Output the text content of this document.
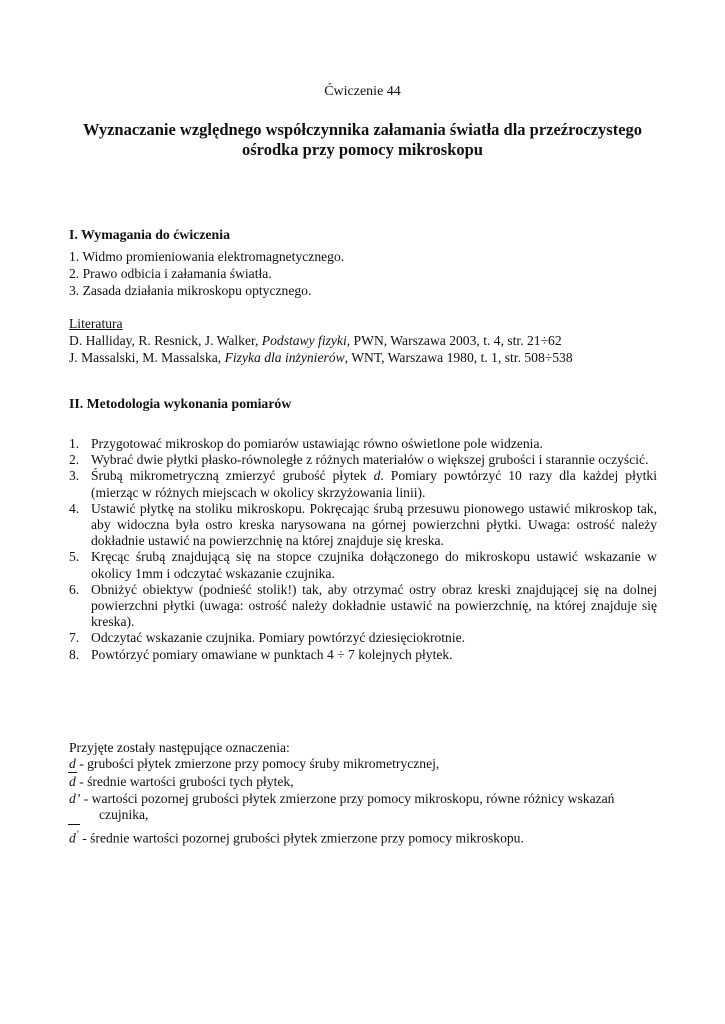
Ćwiczenie 44
Wyznaczanie względnego współczynnika załamania światła dla przeźroczystego
ośrodka przy pomocy mikroskopu
I. Wymagania do ćwiczenia
1. Widmo promieniowania elektromagnetycznego.
2. Prawo odbicia i załamania światła.
3. Zasada działania mikroskopu optycznego.
Literatura
D. Halliday, R. Resnick, J. Walker, Podstawy fizyki, PWN, Warszawa 2003, t. 4, str. 21÷62
J. Massalski, M. Massalska, Fizyka dla inżynierów, WNT, Warszawa 1980, t. 1, str. 508÷538
II. Metodologia wykonania pomiarów

1. Przygotować mikroskop do pomiarów ustawiając równo oświetlone pole widzenia.

2. Wybrać dwie płytki płasko-równoległe z różnych materiałów o większej grubości i starannie oczyścić.

3. Śrubą mikrometryczną zmierzyć grubość płytek d. Pomiary powtórzyć 10 razy dla każdej płytki (mierząc w różnych miejscach w okolicy skrzyżowania linii).

4. Ustawić płytkę na stoliku mikroskopu. Pokręcając śrubą przesuwu pionowego ustawić mikroskop tak, aby widoczna była ostro kreska narysowana na górnej powierzchni płytki. Uwaga: ostrość należy dokładnie ustawić na powierzchnię na której znajduje się kreska.

5. Kręcąc śrubą znajdującą się na stopce czujnika dołączonego do mikroskopu ustawić wskazanie w okolicy 1mm i odczytać wskazanie czujnika.

6. Obniżyć obiektyw (podnieść stolik!) tak, aby otrzymać ostry obraz kreski znajdującej się na dolnej powierzchni płytki (uwaga: ostrość należy dokładnie ustawić na powierzchnię, na której znajduje się kreska).

7. Odczytać wskazanie czujnika. Pomiary powtórzyć dziesięciokrotnie.

8. Powtórzyć pomiary omawiane w punktach 4 ÷ 7 kolejnych płytek.

Przyjęte zostały następujące oznaczenia:
d - grubości płytek zmierzone przy pomocy śruby mikrometrycznej,
d - średnie wartości grubości tych płytek,
d’ - wartości pozornej grubości płytek zmierzone przy pomocy mikroskopu, równe różnicy wskazań
czujnika,
d’ - średnie wartości pozornej grubości płytek zmierzone przy pomocy mikroskopu.
